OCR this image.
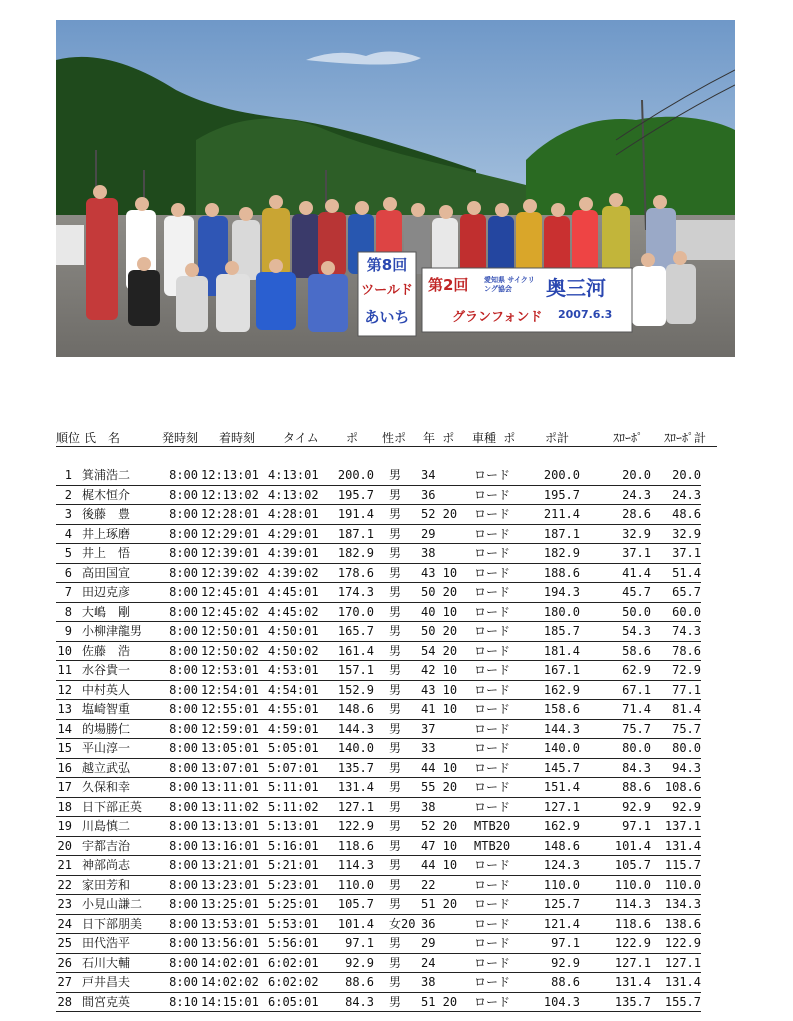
第8回
ツールド
あいち
第2回 愛知県 サイクリング協会	奥三河
グランフォンド 2007.6.3
順位 氏　名	発時刻 着時刻 タイム ポ 性ポ 年 ポ 車種 ポ ポ計	ｽﾛｰﾎﾟ ｽﾛｰﾎﾟ計
1 箕浦浩二	8:00 12:13:01 4:13:01	200.0 男 34	ロード	200.0	20.0	20.0
2 梶木恒介	8:00 12:13:02 4:13:02	195.7 男 36	ロード	195.7	24.3	24.3
3 後藤　豊	8:00 12:28:01 4:28:01	191.4 男 52 20 ロード	211.4	28.6	48.6
4 井上琢磨	8:00 12:29:01 4:29:01	187.1 男 29	ロード	187.1	32.9	32.9
5 井上　悟	8:00 12:39:01 4:39:01	182.9 男 38	ロード	182.9	37.1	37.1
6 高田国宣	8:00 12:39:02 4:39:02	178.6 男 43 10 ロード	188.6	41.4	51.4
7 田辺克彦	8:00 12:45:01 4:45:01	174.3 男 50 20 ロード	194.3	45.7	65.7
8 大嶋　剛	8:00 12:45:02 4:45:02	170.0 男 40 10 ロード	180.0	50.0	60.0
9 小柳津龍男	8:00 12:50:01 4:50:01	165.7 男 50 20 ロード	185.7	54.3	74.3
10 佐藤　浩	8:00 12:50:02 4:50:02	161.4 男 54 20 ロード	181.4	58.6	78.6
11 水谷貴一	8:00 12:53:01 4:53:01	157.1 男 42 10 ロード	167.1	62.9	72.9
12 中村英人	8:00 12:54:01 4:54:01	152.9 男 43 10 ロード	162.9	67.1	77.1
13 塩崎智重	8:00 12:55:01 4:55:01	148.6 男 41 10 ロード	158.6	71.4	81.4
14 的場勝仁	8:00 12:59:01 4:59:01	144.3 男 37	ロード	144.3	75.7	75.7
15 平山淳一	8:00 13:05:01 5:05:01	140.0 男 33	ロード	140.0	80.0	80.0
16 越立武弘	8:00 13:07:01 5:07:01	135.7 男 44 10 ロード	145.7	84.3	94.3
17 久保和幸	8:00 13:11:01 5:11:01	131.4 男 55 20 ロード	151.4	88.6	108.6
18 日下部正英	8:00 13:11:02 5:11:02	127.1 男 38	ロード	127.1	92.9	92.9
19 川島慎二	8:00 13:13:01 5:13:01	122.9 男 52 20 MTB20	162.9	97.1	137.1
20 宇都吉治	8:00 13:16:01 5:16:01	118.6 男 47 10 MTB20	148.6	101.4	131.4
21 神部尚志	8:00 13:21:01 5:21:01	114.3 男 44 10 ロード	124.3	105.7	115.7
22 家田芳和	8:00 13:23:01 5:23:01	110.0 男 22	ロード	110.0	110.0	110.0
23 小見山謙二	8:00 13:25:01 5:25:01	105.7 男 51 20 ロード	125.7	114.3	134.3
24 日下部朋美	8:00 13:53:01 5:53:01	101.4 女20 36	ロード	121.4	118.6	138.6
25 田代浩平	8:00 13:56:01 5:56:01	97.1 男 29	ロード	97.1	122.9	122.9
26 石川大輔	8:00 14:02:01 6:02:01	92.9 男 24	ロード	92.9	127.1	127.1
27 戸井昌夫	8:00 14:02:02 6:02:02	88.6 男 38	ロード	88.6	131.4	131.4
28 間宮克英	8:10 14:15:01 6:05:01	84.3 男 51 20 ロード	104.3	135.7	155.7
